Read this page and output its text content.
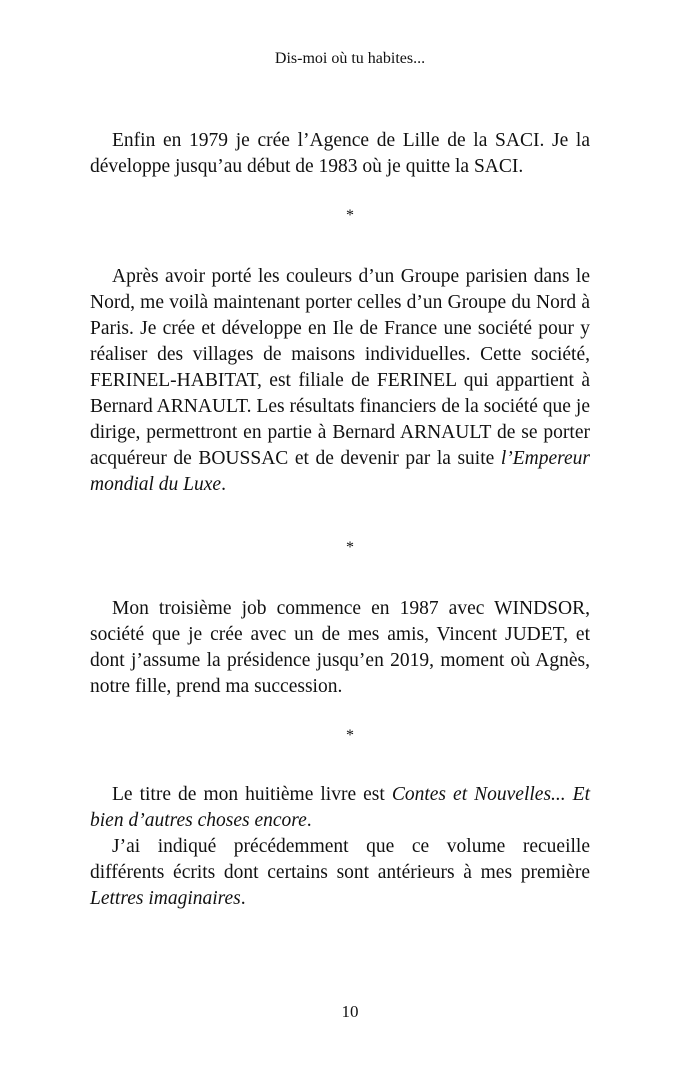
Dis-moi où tu habites...

Enfin en 1979 je crée l’Agence de Lille de la SACI. Je la développe jusqu’au début de 1983 où je quitte la SACI.

*

Après avoir porté les couleurs d’un Groupe parisien dans le Nord, me voilà maintenant porter celles d’un Groupe du Nord à Paris. Je crée et développe en Ile de France une société pour y réaliser des villages de maisons individuelles. Cette société, FERINEL-HABITAT, est filiale de FERINEL qui appartient à Bernard ARNAULT. Les résultats financiers de la société que je dirige, permettront en partie à Bernard ARNAULT de se porter acquéreur de BOUSSAC et de devenir par la suite l’Empereur mondial du Luxe.

*

Mon troisième job commence en 1987 avec WINDSOR, société que je crée avec un de mes amis, Vincent JUDET, et dont j’assume la présidence jusqu’en 2019, moment où Agnès, notre fille, prend ma succession.

*

Le titre de mon huitième livre est Contes et Nouvelles... Et bien d’autres choses encore.

J’ai indiqué précédemment que ce volume recueille différents écrits dont certains sont antérieurs à mes première Lettres imaginaires.

10
